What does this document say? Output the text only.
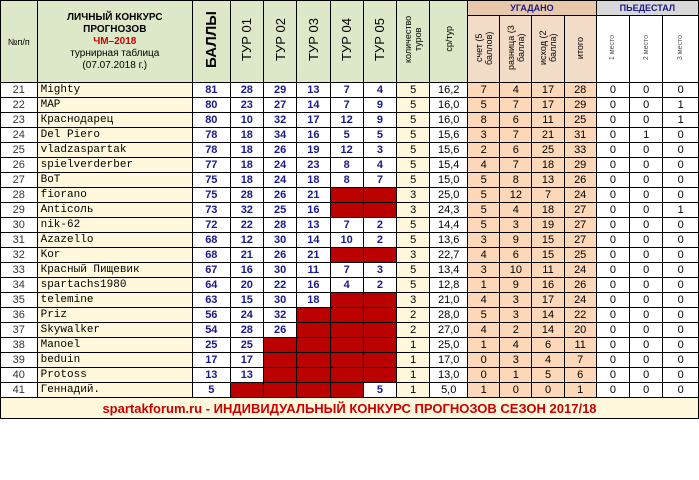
№п/п	ЛИЧНЫЙ КОНКУРС
ПРОГНОЗОВ
ЧМ–2018
турнирная таблица
(07.07.2018 г.)	БАЛЛЫ	ТУР 01	ТУР 02	ТУР 03	ТУР 04	ТУР 05	количество туров	ср/тур	УГАДАНО				ПЬЕДЕСТАЛ		
										счет (5 баллов)	разница (3 балла)	исход (2 балла)	итого	1 место	2 место	3 место
21	Mighty	81	28	29	13	7	4	5	16,2	7	4	17	28	0	0	0
22	MAP	80	23	27	14	7	9	5	16,0	5	7	17	29	0	0	1
23	Краснодарец	80	10	32	17	12	9	5	16,0	8	6	11	25	0	0	1
24	Del Piero	78	18	34	16	5	5	5	15,6	3	7	21	31	0	1	0
25	vladzaspartak	78	18	26	19	12	3	5	15,6	2	6	25	33	0	0	0
26	spielverderber	77	18	24	23	8	4	5	15,4	4	7	18	29	0	0	0
27	BoT	75	18	24	18	8	7	5	15,0	5	8	13	26	0	0	0
28	fiorano	75	28	26	21			3	25,0	5	12	7	24	0	0	0
29	Anticоль	73	32	25	16			3	24,3	5	4	18	27	0	0	1
30	nik-62	72	22	28	13	7	2	5	14,4	5	3	19	27	0	0	0
31	Azazello	68	12	30	14	10	2	5	13,6	3	9	15	27	0	0	0
32	Kor	68	21	26	21			3	22,7	4	6	15	25	0	0	0
33	Красный Пищевик	67	16	30	11	7	3	5	13,4	3	10	11	24	0	0	0
34	spartachs1980	64	20	22	16	4	2	5	12,8	1	9	16	26	0	0	0
35	telemine	63	15	30	18			3	21,0	4	3	17	24	0	0	0
36	Priz	56	24	32				2	28,0	5	3	14	22	0	0	0
37	Skywalker	54	28	26				2	27,0	4	2	14	20	0	0	0
38	Manoel	25	25					1	25,0	1	4	6	11	0	0	0
39	beduin	17	17					1	17,0	0	3	4	7	0	0	0
40	Protoss	13	13					1	13,0	0	1	5	6	0	0	0
41	Геннадий.	5					5	1	5,0	1	0	0	1	0	0	0
spartakforum.ru - ИНДИВИДУАЛЬНЫЙ КОНКУРС ПРОГНОЗОВ СЕЗОН 2017/18																
